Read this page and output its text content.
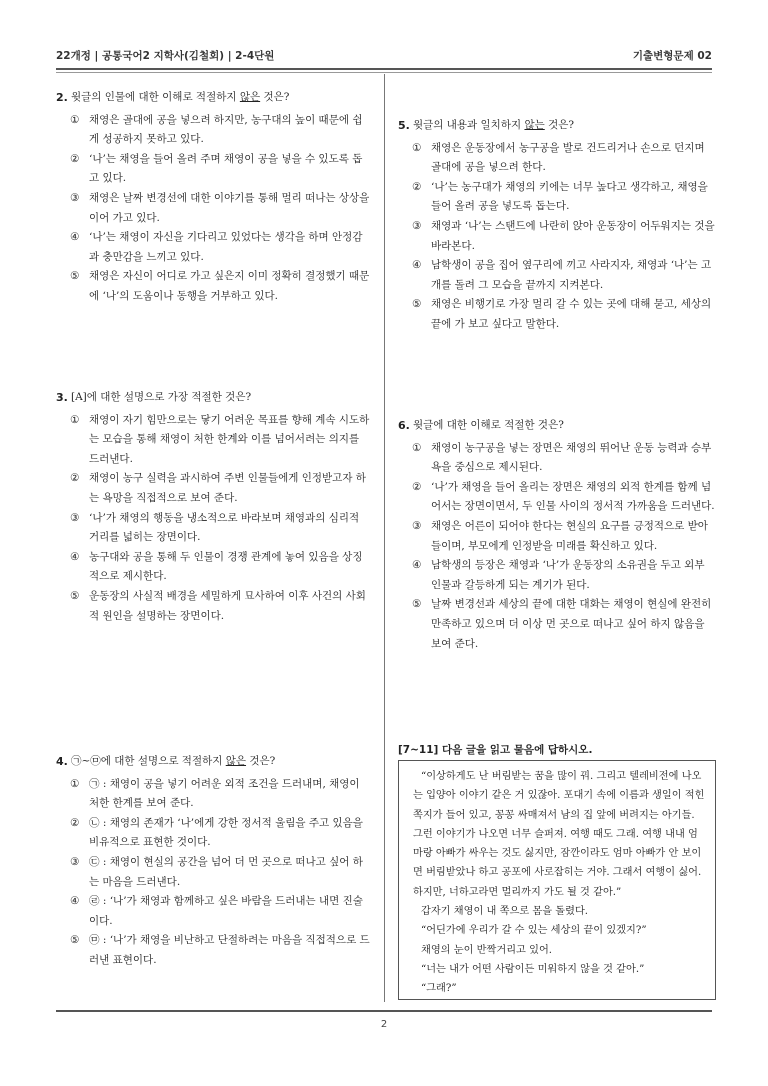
22개정 | 공통국어2 지학사(김철회) | 2-4단원	기출변형문제 02
2. 윗글의 인물에 대한 이해로 적절하지 않은 것은?
① 채영은 골대에 공을 넣으려 하지만, 농구대의 높이 때문에 쉽게 성공하지 못하고 있다.
② ‘나’는 채영을 들어 올려 주며 채영이 공을 넣을 수 있도록 돕고 있다.
③ 채영은 날짜 변경선에 대한 이야기를 통해 멀리 떠나는 상상을 이어 가고 있다.
④ ‘나’는 채영이 자신을 기다리고 있었다는 생각을 하며 안정감과 충만감을 느끼고 있다.
⑤ 채영은 자신이 어디로 가고 싶은지 이미 정확히 결정했기 때문에 ‘나’의 도움이나 동행을 거부하고 있다.
3. [A]에 대한 설명으로 가장 적절한 것은?
① 채영이 자기 힘만으로는 닿기 어려운 목표를 향해 계속 시도하는 모습을 통해 채영이 처한 한계와 이를 넘어서려는 의지를 드러낸다.
② 채영이 농구 실력을 과시하여 주변 인물들에게 인정받고자 하는 욕망을 직접적으로 보여 준다.
③ ‘나’가 채영의 행동을 냉소적으로 바라보며 채영과의 심리적 거리를 넓히는 장면이다.
④ 농구대와 공을 통해 두 인물이 경쟁 관계에 놓여 있음을 상징적으로 제시한다.
⑤ 운동장의 사실적 배경을 세밀하게 묘사하여 이후 사건의 사회적 원인을 설명하는 장면이다.
4. ㉠~㉤에 대한 설명으로 적절하지 않은 것은?
① ㉠ : 채영이 공을 넣기 어려운 외적 조건을 드러내며, 채영이 처한 한계를 보여 준다.
② ㉡ : 채영의 존재가 ‘나’에게 강한 정서적 울림을 주고 있음을 비유적으로 표현한 것이다.
③ ㉢ : 채영이 현실의 공간을 넘어 더 먼 곳으로 떠나고 싶어 하는 마음을 드러낸다.
④ ㉣ : ‘나’가 채영과 함께하고 싶은 바람을 드러내는 내면 진술이다.
⑤ ㉤ : ‘나’가 채영을 비난하고 단절하려는 마음을 직접적으로 드러낸 표현이다.
5. 윗글의 내용과 일치하지 않는 것은?
① 채영은 운동장에서 농구공을 발로 건드리거나 손으로 던지며 골대에 공을 넣으려 한다.
② ‘나’는 농구대가 채영의 키에는 너무 높다고 생각하고, 채영을 들어 올려 공을 넣도록 돕는다.
③ 채영과 ‘나’는 스탠드에 나란히 앉아 운동장이 어두워지는 것을 바라본다.
④ 남학생이 공을 집어 옆구리에 끼고 사라지자, 채영과 ‘나’는 고개를 돌려 그 모습을 끝까지 지켜본다.
⑤ 채영은 비행기로 가장 멀리 갈 수 있는 곳에 대해 묻고, 세상의 끝에 가 보고 싶다고 말한다.
6. 윗글에 대한 이해로 적절한 것은?
① 채영이 농구공을 넣는 장면은 채영의 뛰어난 운동 능력과 승부욕을 중심으로 제시된다.
② ‘나’가 채영을 들어 올리는 장면은 채영의 외적 한계를 함께 넘어서는 장면이면서, 두 인물 사이의 정서적 가까움을 드러낸다.
③ 채영은 어른이 되어야 한다는 현실의 요구를 긍정적으로 받아들이며, 부모에게 인정받을 미래를 확신하고 있다.
④ 남학생의 등장은 채영과 ‘나’가 운동장의 소유권을 두고 외부 인물과 갈등하게 되는 계기가 된다.
⑤ 날짜 변경선과 세상의 끝에 대한 대화는 채영이 현실에 완전히 만족하고 있으며 더 이상 먼 곳으로 떠나고 싶어 하지 않음을 보여 준다.
[7~11] 다음 글을 읽고 물음에 답하시오.

“이상하게도 난 버림받는 꿈을 많이 꿔. 그리고 텔레비전에 나오는 입양아 이야기 같은 거 있잖아. 포대기 속에 이름과 생일이 적힌 쪽지가 들어 있고, 꽁꽁 싸매져서 남의 집 앞에 버려지는 아기들. 그런 이야기가 나오면 너무 슬퍼져. 여행 때도 그래. 여행 내내 엄마랑 아빠가 싸우는 것도 싫지만, 잠깐이라도 엄마 아빠가 안 보이면 버림받았나 하고 공포에 사로잡히는 거야. 그래서 여행이 싫어. 하지만, 너하고라면 멀리까지 가도 될 것 같아.”

갑자기 채영이 내 쪽으로 몸을 돌렸다.

“어딘가에 우리가 갈 수 있는 세상의 끝이 있겠지?”

채영의 눈이 반짝거리고 있어.

“너는 내가 어떤 사람이든 미워하지 않을 것 같아.”

“그래?”

2
